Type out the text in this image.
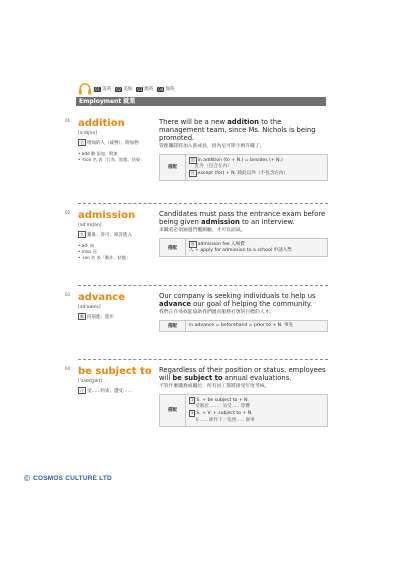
01 美英 02 美加 03 澳英 04 加英
Employment 就業
01 addition
[əˈdɪʃən]
名 增加的人（或物）；附加物
• add 動 添加，附加
• -tion 名 表「行為、狀態、結果」
There will be a new addition to the management team, since Ms. Nichols is being promoted.
管理團隊將加入新成員，因為尼可斯小姐升職了。
搭配
同 in addition (to + N.) = besides (+ N.)
此外（包含在內）
反 except (for) + N. 除此以外（不包含在內）
02 admission
[ədˈmɪʃən]
名 獲准；許可；准許進入
• ad- 向
• miss 送
• -ion 名 表「動作、狀態」
Candidates must pass the entrance exam before being given admission to an interview.
求職者必須通過門檻測驗，才可以面試。
搭配
延 admission fee 入場費
入 + apply for admission to a school 申請入學
03 advance
[ədˈvæns]
動 向前進；進步
Our company is seeking individuals to help us advance our goal of helping the community.
我們正在尋找能協助我們邁向服務社會的目標的人才。
搭配	in advance = beforehand = prior to + N. 事先
04 be subject to
[ˈsʌbdʒɪkt]
片 受……約束；遭受……
Regardless of their position or status, employees will be subject to annual evaluations.
不管什麼職務或職位，所有員工都將接受年度考核。
搭配
1 S. + be subject to + N.
受制於……；易受……影響
2 S. + V. + subject to + N.
在……條件下／依照……辦事
© COSMOS CULTURE LTD
